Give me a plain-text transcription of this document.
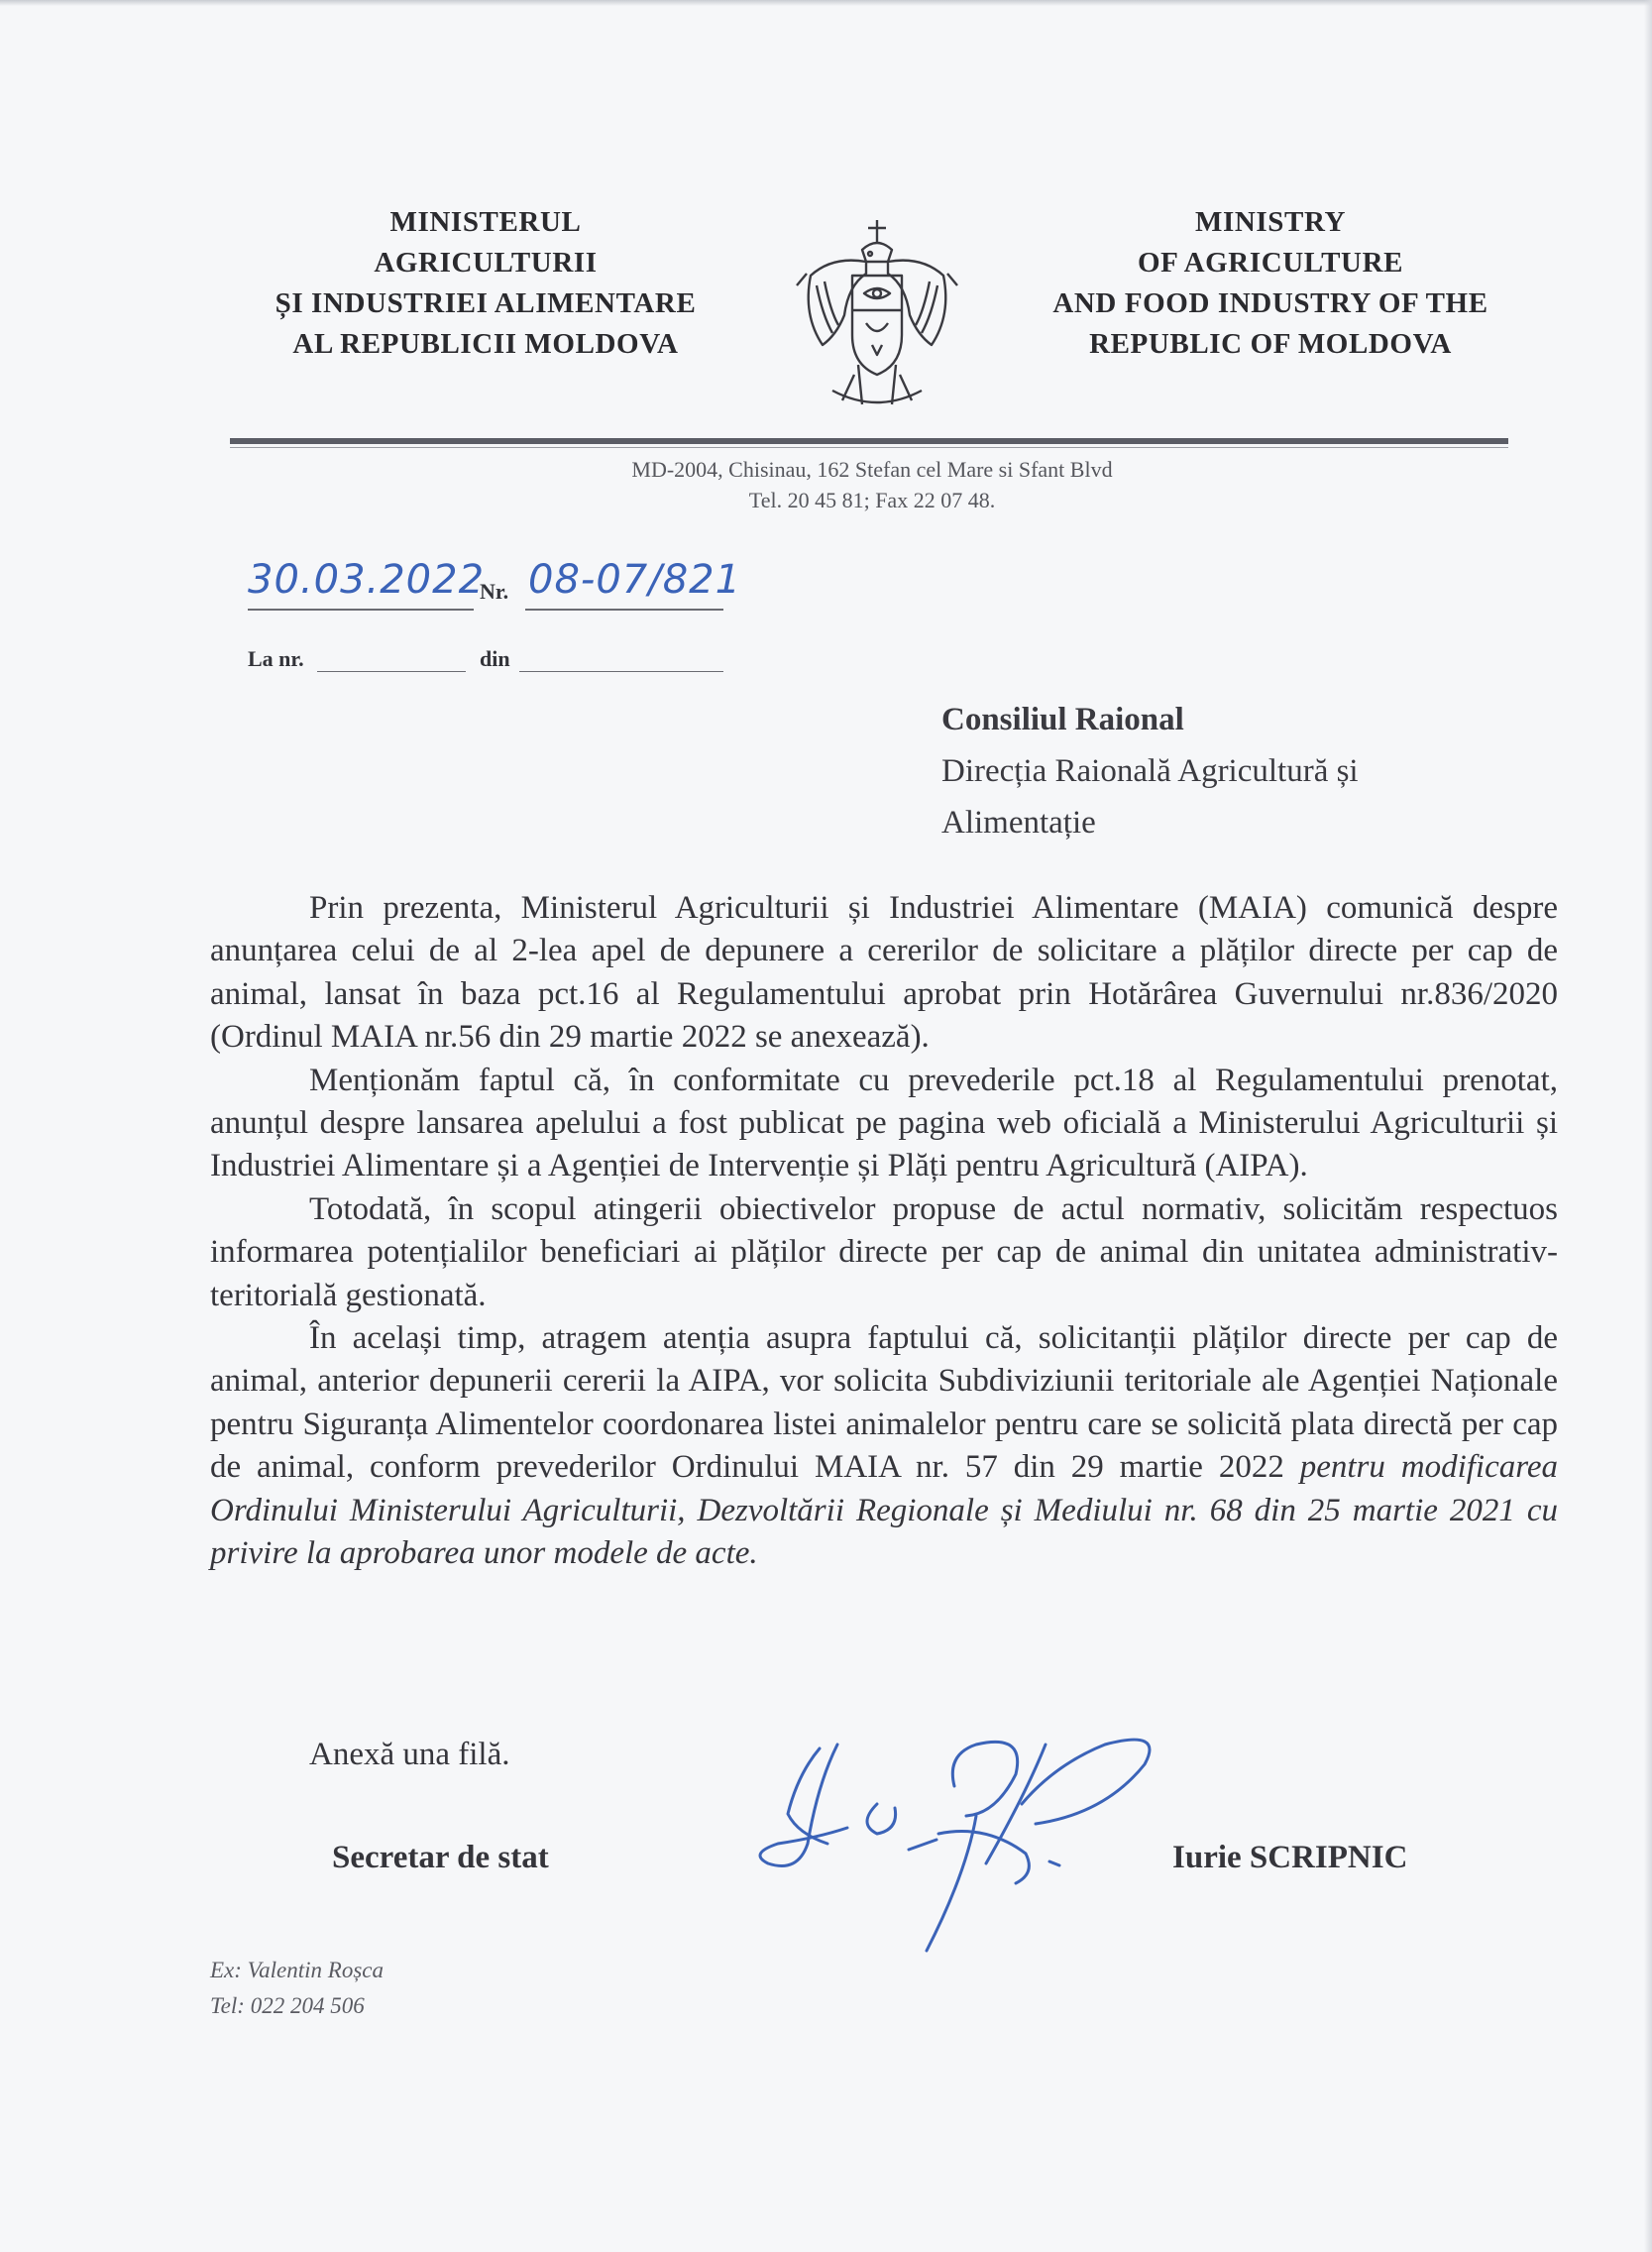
MINISTERUL
AGRICULTURII
ȘI INDUSTRIEI ALIMENTARE
AL REPUBLICII MOLDOVA
MINISTRY
OF AGRICULTURE
AND FOOD INDUSTRY OF THE
REPUBLIC OF MOLDOVA
MD-2004, Chisinau, 162 Stefan cel Mare si Sfant Blvd
Tel. 20 45 81; Fax 22 07 48.
30.03.2022
Nr. 08-07/821
La nr.	din
Consiliul Raional
Direcția Raională Agricultură și
Alimentație

Prin prezenta, Ministerul Agriculturii și Industriei Alimentare (MAIA) comunică despre anunțarea celui de al 2-lea apel de depunere a cererilor de solicitare a plăților directe per cap de animal, lansat în baza pct.16 al Regulamentului aprobat prin Hotărârea Guvernului nr.836/2020 (Ordinul MAIA nr.56 din 29 martie 2022 se anexează).

Menționăm faptul că, în conformitate cu prevederile pct.18 al Regulamentului prenotat, anunțul despre lansarea apelului a fost publicat pe pagina web oficială a Ministerului Agriculturii și Industriei Alimentare și a Agenției de Intervenție și Plăți pentru Agricultură (AIPA).

Totodată, în scopul atingerii obiectivelor propuse de actul normativ, solicităm respectuos informarea potențialilor beneficiari ai plăților directe per cap de animal din unitatea administrativ-teritorială gestionată.

În același timp, atragem atenția asupra faptului că, solicitanții plăților directe per cap de animal, anterior depunerii cererii la AIPA, vor solicita Subdiviziunii teritoriale ale Agenției Naționale pentru Siguranța Alimentelor coordonarea listei animalelor pentru care se solicită plata directă per cap de animal, conform prevederilor Ordinului MAIA nr. 57 din 29 martie 2022 pentru modificarea Ordinului Ministerului Agriculturii, Dezvoltării Regionale și Mediului nr. 68 din 25 martie 2021 cu privire la aprobarea unor modele de acte.

Anexă una filă.
Secretar de stat	Iurie SCRIPNIC
Ex: Valentin Roșca
Tel: 022 204 506
